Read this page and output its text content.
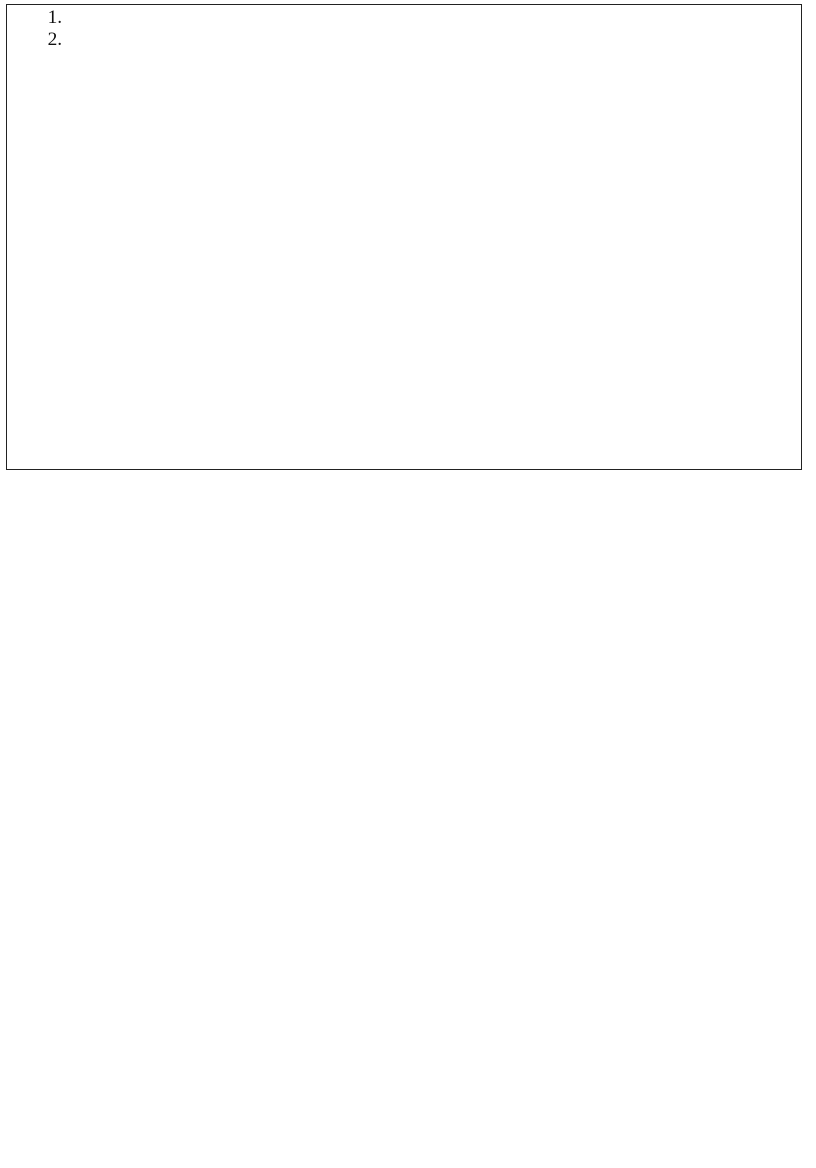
1.
2.
